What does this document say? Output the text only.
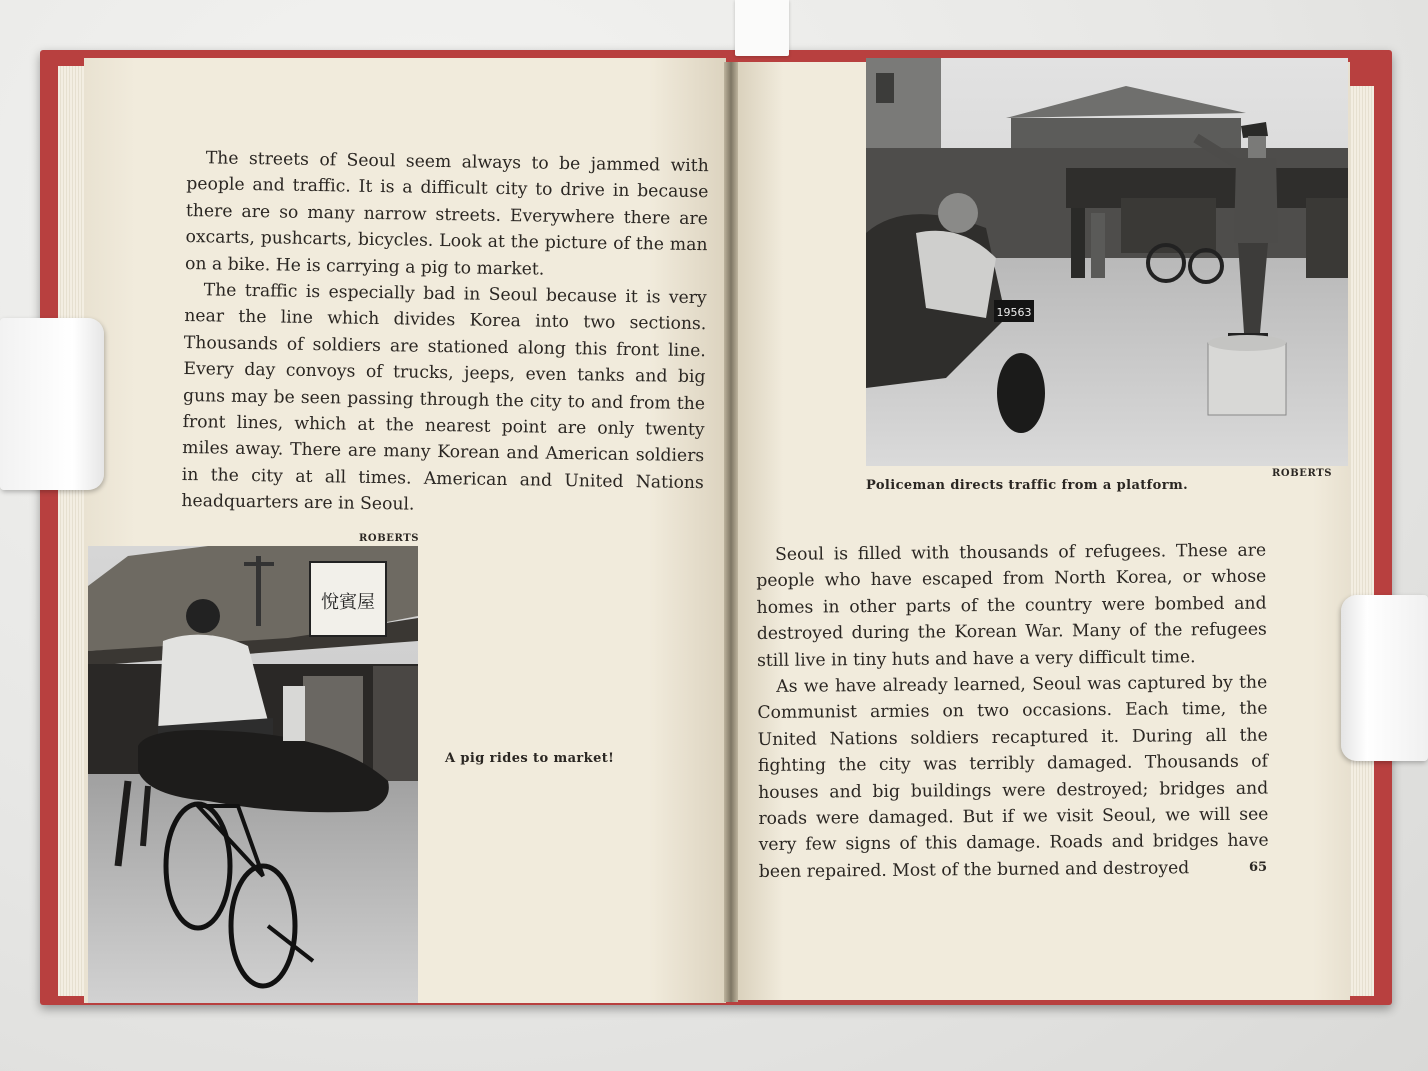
The streets of Seoul seem always to be jammed with people and traffic. It is a difficult city to drive in because there are so many narrow streets. Everywhere there are oxcarts, pushcarts, bicycles. Look at the picture of the man on a bike. He is carrying a pig to market.

The traffic is especially bad in Seoul because it is very near the line which divides Korea into two sections. Thousands of soldiers are stationed along this front line. Every day convoys of trucks, jeeps, even tanks and big guns may be seen passing through the city to and from the front lines, which at the nearest point are only twenty miles away. There are many Korean and American soldiers in the city at all times. American and United Nations headquarters are in Seoul.

ROBERTS
悅賓屋
A pig rides to market!
19563
ROBERTS
Policeman directs traffic from a platform.

Seoul is filled with thousands of refugees. These are people who have escaped from North Korea, or whose homes in other parts of the country were bombed and destroyed during the Korean War. Many of the refugees still live in tiny huts and have a very difficult time.

As we have already learned, Seoul was captured by the Communist armies on two occasions. Each time, the United Nations soldiers recaptured it. During all the fighting the city was terribly damaged. Thousands of houses and big buildings were destroyed; bridges and roads were damaged. But if we visit Seoul, we will see very few signs of this damage. Roads and bridges have been repaired. Most of the burned and destroyed	65
